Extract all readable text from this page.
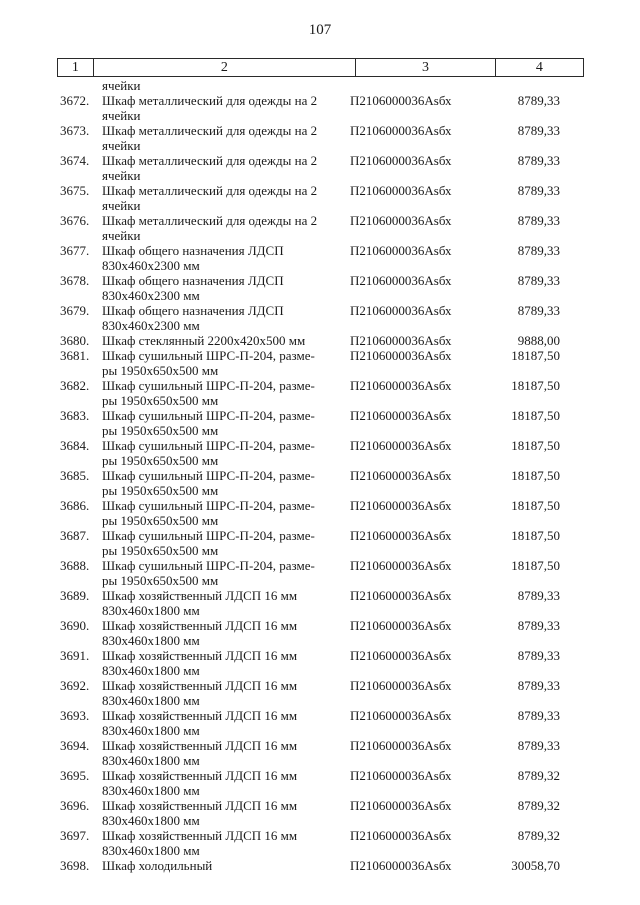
107
1	2	3	4
ячейки
3672. Шкаф металлический для одежды на 2
ячейки
П2106000036Аsбх	8789,33
3673. Шкаф металлический для одежды на 2
ячейки
П2106000036Аsбх	8789,33
3674. Шкаф металлический для одежды на 2
ячейки
П2106000036Аsбх	8789,33
3675. Шкаф металлический для одежды на 2
ячейки
П2106000036Аsбх	8789,33
3676. Шкаф металлический для одежды на 2
ячейки
П2106000036Аsбх	8789,33
3677. Шкаф общего назначения ЛДСП
830х460х2300 мм
П2106000036Аsбх	8789,33
3678. Шкаф общего назначения ЛДСП
830х460х2300 мм
П2106000036Аsбх	8789,33
3679. Шкаф общего назначения ЛДСП
830х460х2300 мм
П2106000036Аsбх	8789,33
3680. Шкаф стеклянный 2200х420х500 мм	П2106000036Аsбх	9888,00
3681. Шкаф сушильный ШРС-П-204, разме-
ры 1950х650х500 мм
П2106000036Аsбх	18187,50
3682. Шкаф сушильный ШРС-П-204, разме-
ры 1950х650х500 мм
П2106000036Аsбх	18187,50
3683. Шкаф сушильный ШРС-П-204, разме-
ры 1950х650х500 мм
П2106000036Аsбх	18187,50
3684. Шкаф сушильный ШРС-П-204, разме-
ры 1950х650х500 мм
П2106000036Аsбх	18187,50
3685. Шкаф сушильный ШРС-П-204, разме-
ры 1950х650х500 мм
П2106000036Аsбх	18187,50
3686. Шкаф сушильный ШРС-П-204, разме-
ры 1950х650х500 мм
П2106000036Аsбх	18187,50
3687. Шкаф сушильный ШРС-П-204, разме-
ры 1950х650х500 мм
П2106000036Аsбх	18187,50
3688. Шкаф сушильный ШРС-П-204, разме-
ры 1950х650х500 мм
П2106000036Аsбх	18187,50
3689. Шкаф хозяйственный ЛДСП 16 мм
830х460х1800 мм
П2106000036Аsбх	8789,33
3690. Шкаф хозяйственный ЛДСП 16 мм
830х460х1800 мм
П2106000036Аsбх	8789,33
3691. Шкаф хозяйственный ЛДСП 16 мм
830х460х1800 мм
П2106000036Аsбх	8789,33
3692. Шкаф хозяйственный ЛДСП 16 мм
830х460х1800 мм
П2106000036Аsбх	8789,33
3693. Шкаф хозяйственный ЛДСП 16 мм
830х460х1800 мм
П2106000036Аsбх	8789,33
3694. Шкаф хозяйственный ЛДСП 16 мм
830х460х1800 мм
П2106000036Аsбх	8789,33
3695. Шкаф хозяйственный ЛДСП 16 мм
830х460х1800 мм
П2106000036Аsбх	8789,32
3696. Шкаф хозяйственный ЛДСП 16 мм
830х460х1800 мм
П2106000036Аsбх	8789,32
3697. Шкаф хозяйственный ЛДСП 16 мм
830х460х1800 мм
П2106000036Аsбх	8789,32
3698. Шкаф холодильный	П2106000036Аsбх	30058,70
